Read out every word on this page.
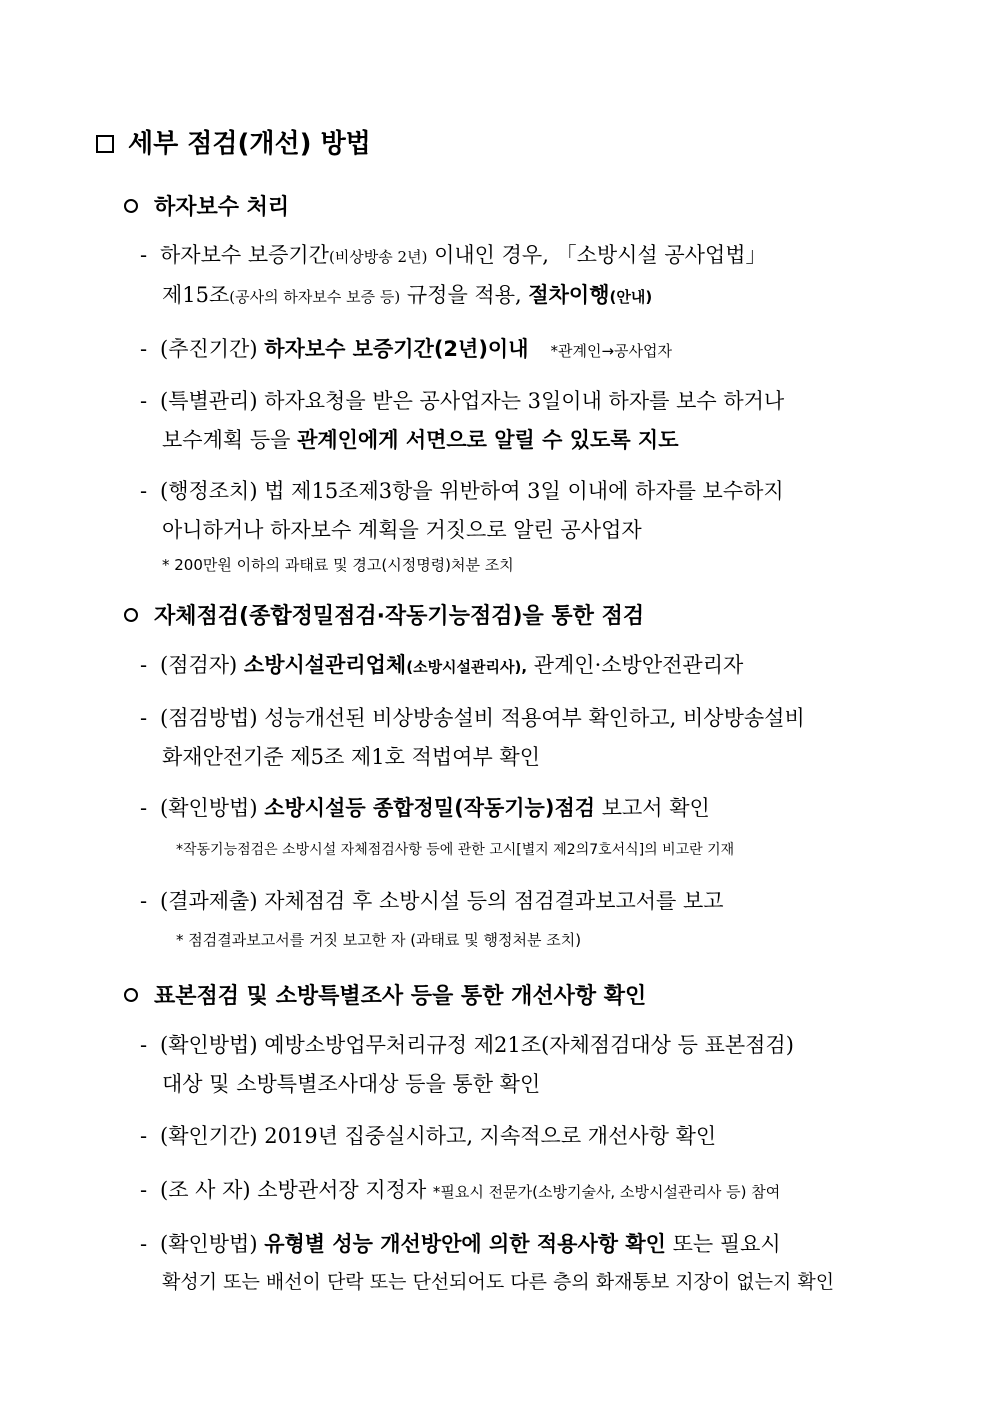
세부 점검(개선) 방법
하자보수 처리
- 하자보수 보증기간(비상방송 2년) 이내인 경우, 「소방시설 공사업법」
제15조(공사의 하자보수 보증 등) 규정을 적용, 절차이행(안내)
- (추진기간) 하자보수 보증기간(2년)이내 *관계인→공사업자
- (특별관리) 하자요청을 받은 공사업자는 3일이내 하자를 보수 하거나
보수계획 등을 관계인에게 서면으로 알릴 수 있도록 지도
- (행정조치) 법 제15조제3항을 위반하여 3일 이내에 하자를 보수하지
아니하거나 하자보수 계획을 거짓으로 알린 공사업자
* 200만원 이하의 과태료 및 경고(시정명령)처분 조치
자체점검(종합정밀점검·작동기능점검)을 통한 점검
- (점검자) 소방시설관리업체(소방시설관리사), 관계인·소방안전관리자
- (점검방법) 성능개선된 비상방송설비 적용여부 확인하고, 비상방송설비
화재안전기준 제5조 제1호 적법여부 확인
- (확인방법) 소방시설등 종합정밀(작동기능)점검 보고서 확인
*작동기능점검은 소방시설 자체점검사항 등에 관한 고시[별지 제2의7호서식]의 비고란 기재
- (결과제출) 자체점검 후 소방시설 등의 점검결과보고서를 보고
* 점검결과보고서를 거짓 보고한 자 (과태료 및 행정처분 조치)
표본점검 및 소방특별조사 등을 통한 개선사항 확인
- (확인방법) 예방소방업무처리규정 제21조(자체점검대상 등 표본점검)
대상 및 소방특별조사대상 등을 통한 확인
- (확인기간) 2019년 집중실시하고, 지속적으로 개선사항 확인
- (조 사 자) 소방관서장 지정자 *필요시 전문가(소방기술사, 소방시설관리사 등) 참여
- (확인방법) 유형별 성능 개선방안에 의한 적용사항 확인 또는 필요시
확성기 또는 배선이 단락 또는 단선되어도 다른 층의 화재통보 지장이 없는지 확인
